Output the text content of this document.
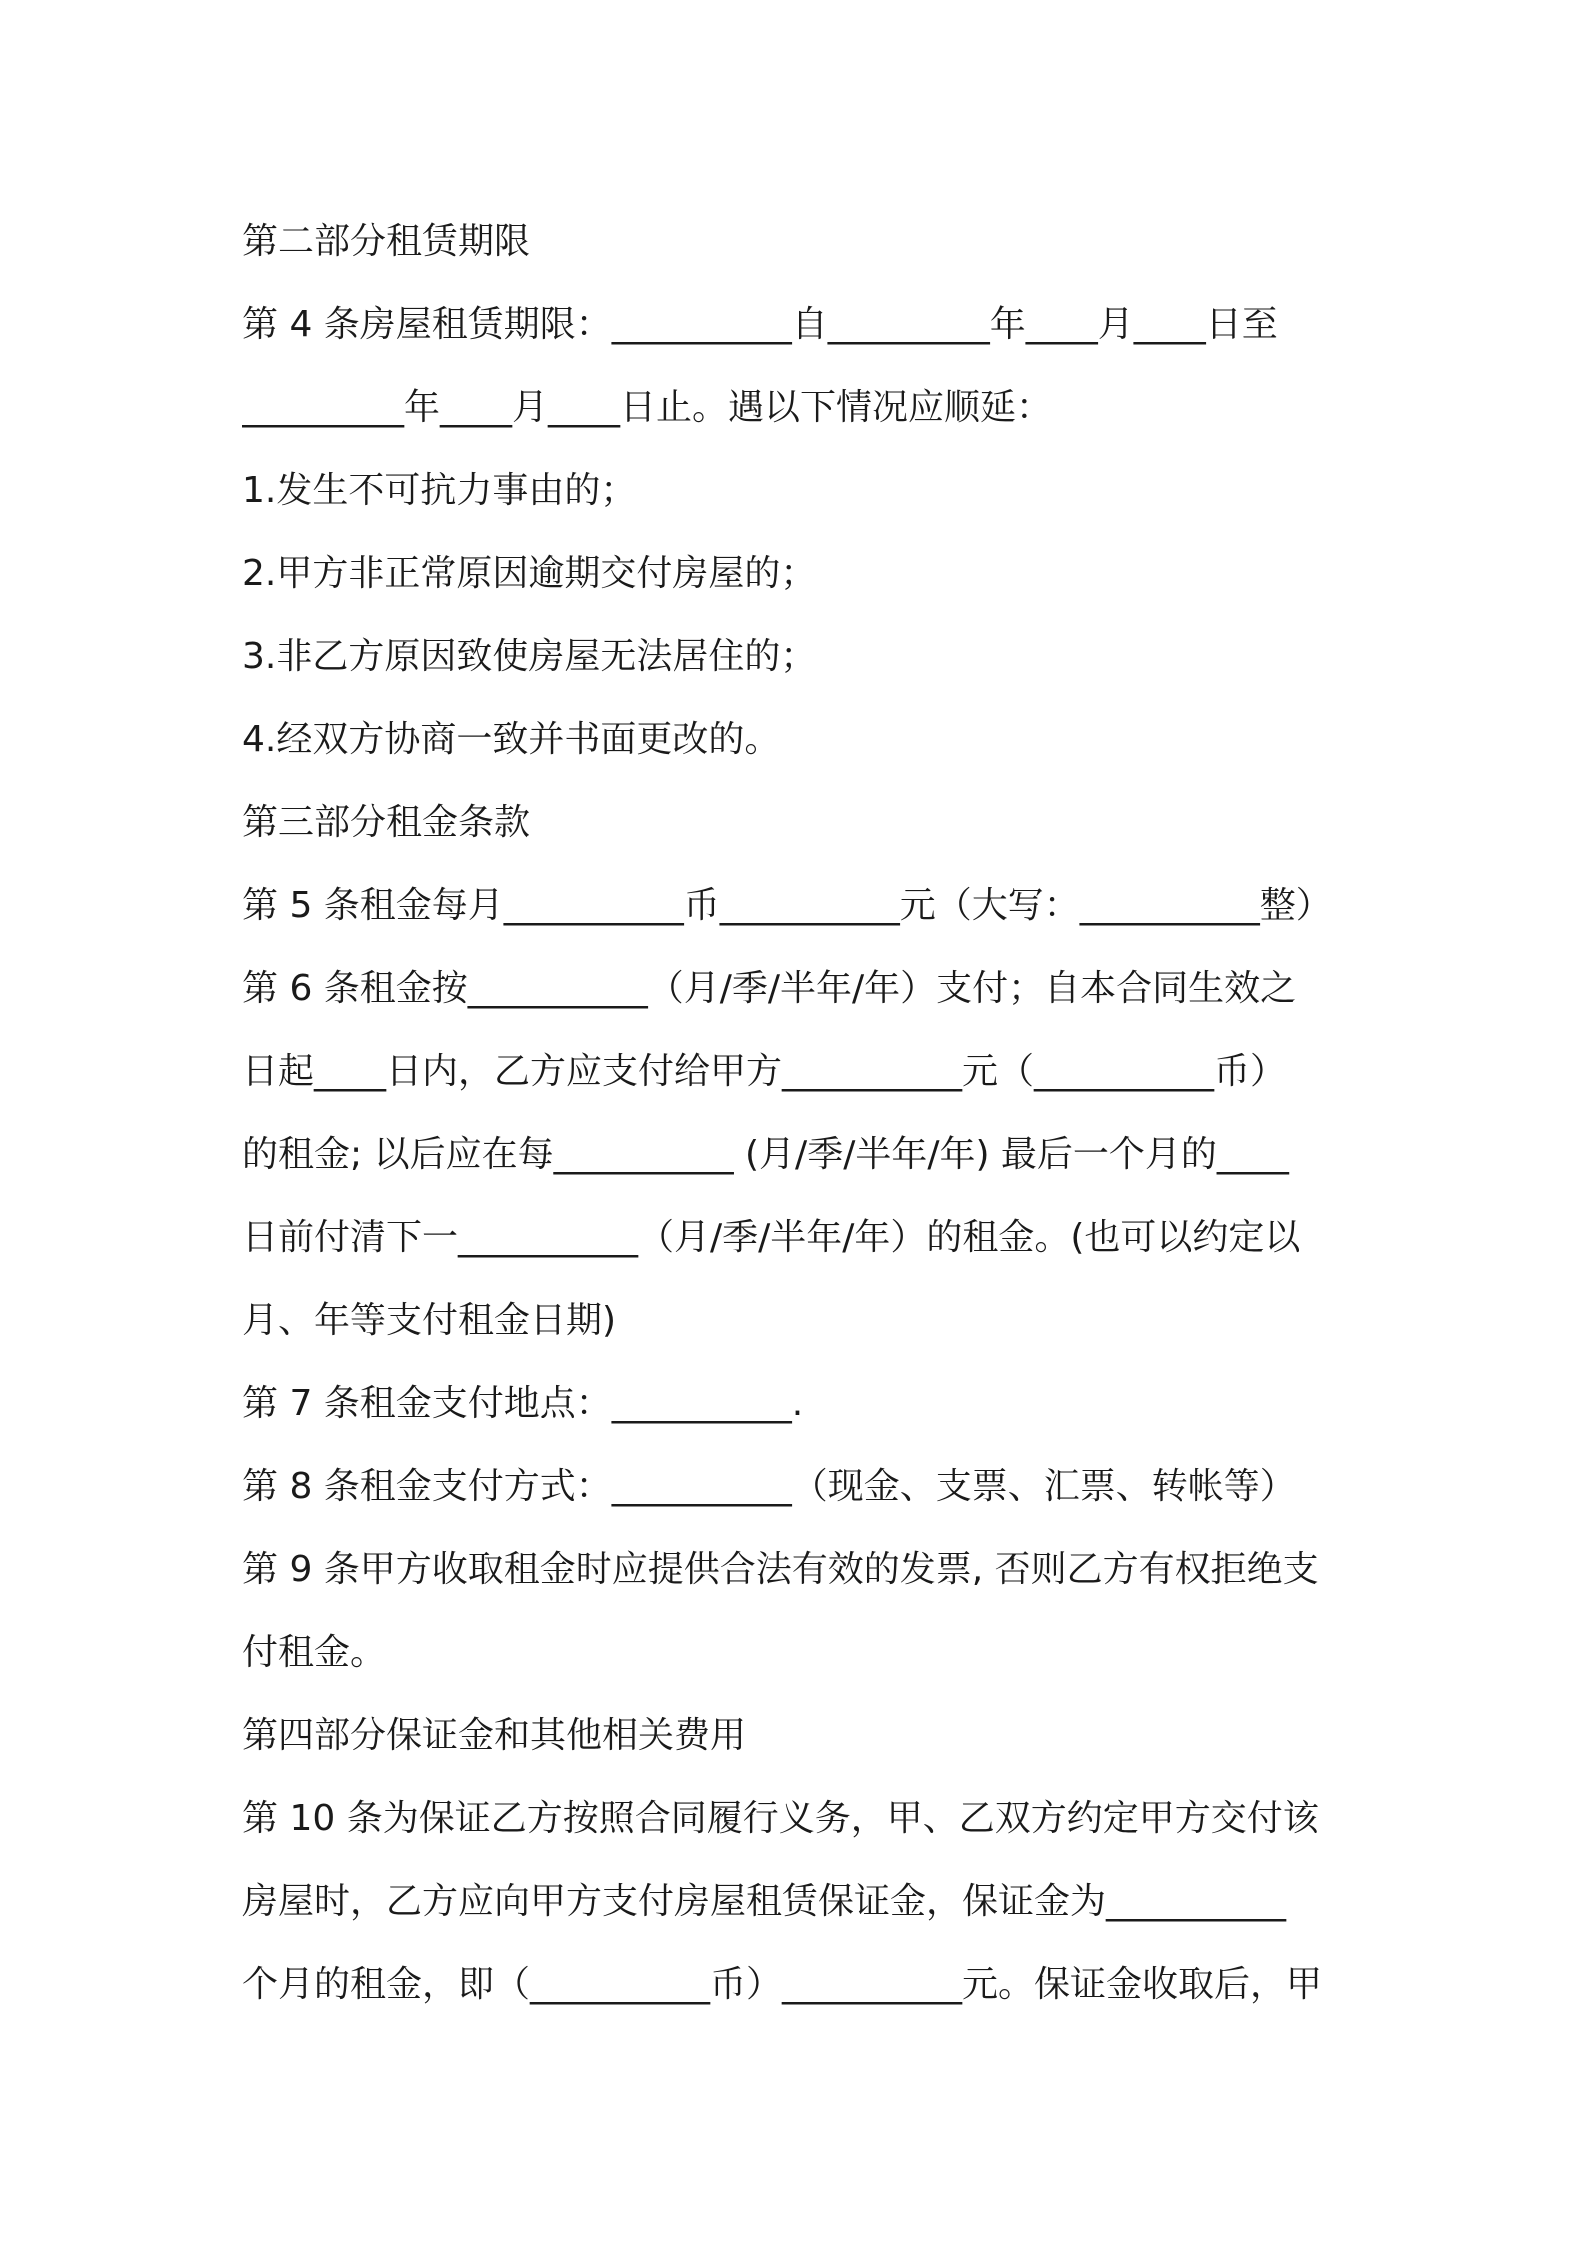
第二部分租赁期限
第 4 条房屋租赁期限：__________自_________年____月____日至
_________年____月____日止。遇以下情况应顺延：
1.发生不可抗力事由的；
2.甲方非正常原因逾期交付房屋的；
3.非乙方原因致使房屋无法居住的；
4.经双方协商一致并书面更改的。
第三部分租金条款
第 5 条租金每月__________币__________元（大写：__________整）
第 6 条租金按__________（月/季/半年/年）支付；自本合同生效之
日起____日内，乙方应支付给甲方__________元（__________币）
的租金; 以后应在每__________ (月/季/半年/年) 最后一个月的____
日前付清下一__________（月/季/半年/年）的租金。(也可以约定以
月、年等支付租金日期)
第 7 条租金支付地点：__________.
第 8 条租金支付方式：__________（现金、支票、汇票、转帐等）
第 9 条甲方收取租金时应提供合法有效的发票, 否则乙方有权拒绝支
付租金。
第四部分保证金和其他相关费用
第 10 条为保证乙方按照合同履行义务，甲、乙双方约定甲方交付该
房屋时，乙方应向甲方支付房屋租赁保证金，保证金为__________
个月的租金，即（__________币）__________元。保证金收取后，甲
